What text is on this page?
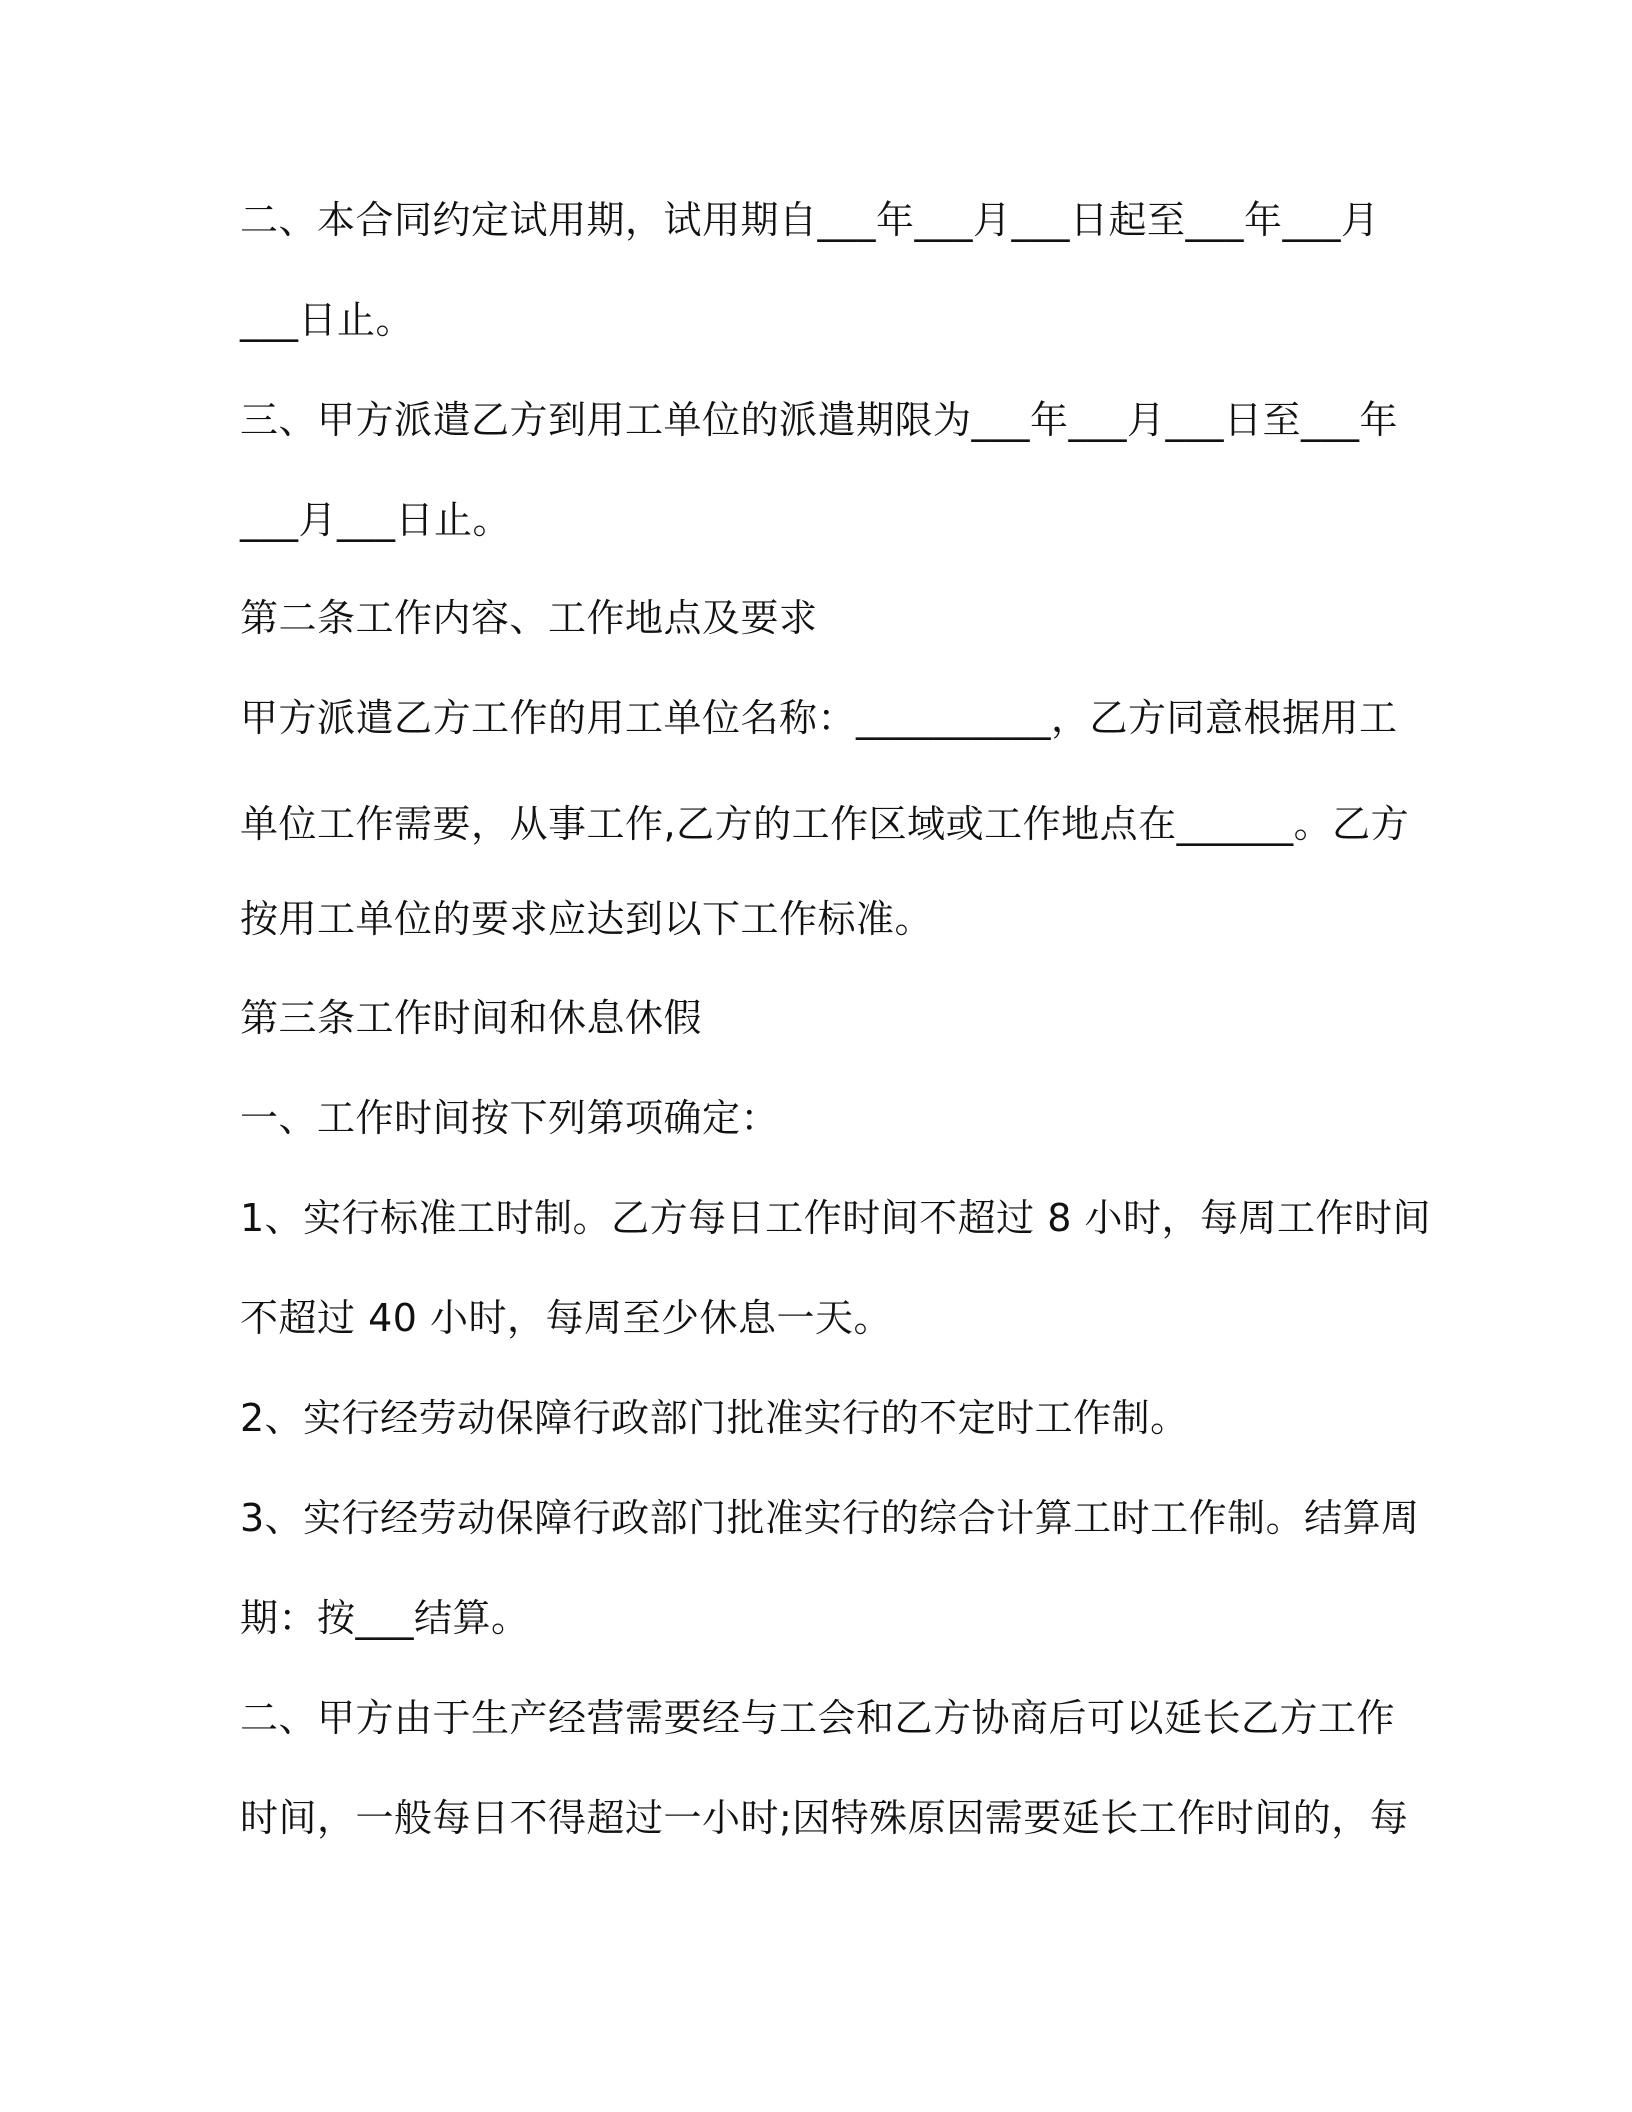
二、本合同约定试用期，试用期自___年___月___日起至___年___月
___日止。
三、甲方派遣乙方到用工单位的派遣期限为___年___月___日至___年
___月___日止。
第二条工作内容、工作地点及要求
甲方派遣乙方工作的用工单位名称：__________，乙方同意根据用工
单位工作需要，从事工作,乙方的工作区域或工作地点在______。乙方
按用工单位的要求应达到以下工作标准。
第三条工作时间和休息休假
一、工作时间按下列第项确定：
1、实行标准工时制。乙方每日工作时间不超过 8 小时，每周工作时间
不超过 40 小时，每周至少休息一天。
2、实行经劳动保障行政部门批准实行的不定时工作制。
3、实行经劳动保障行政部门批准实行的综合计算工时工作制。结算周
期：按___结算。
二、甲方由于生产经营需要经与工会和乙方协商后可以延长乙方工作
时间，一般每日不得超过一小时;因特殊原因需要延长工作时间的，每
